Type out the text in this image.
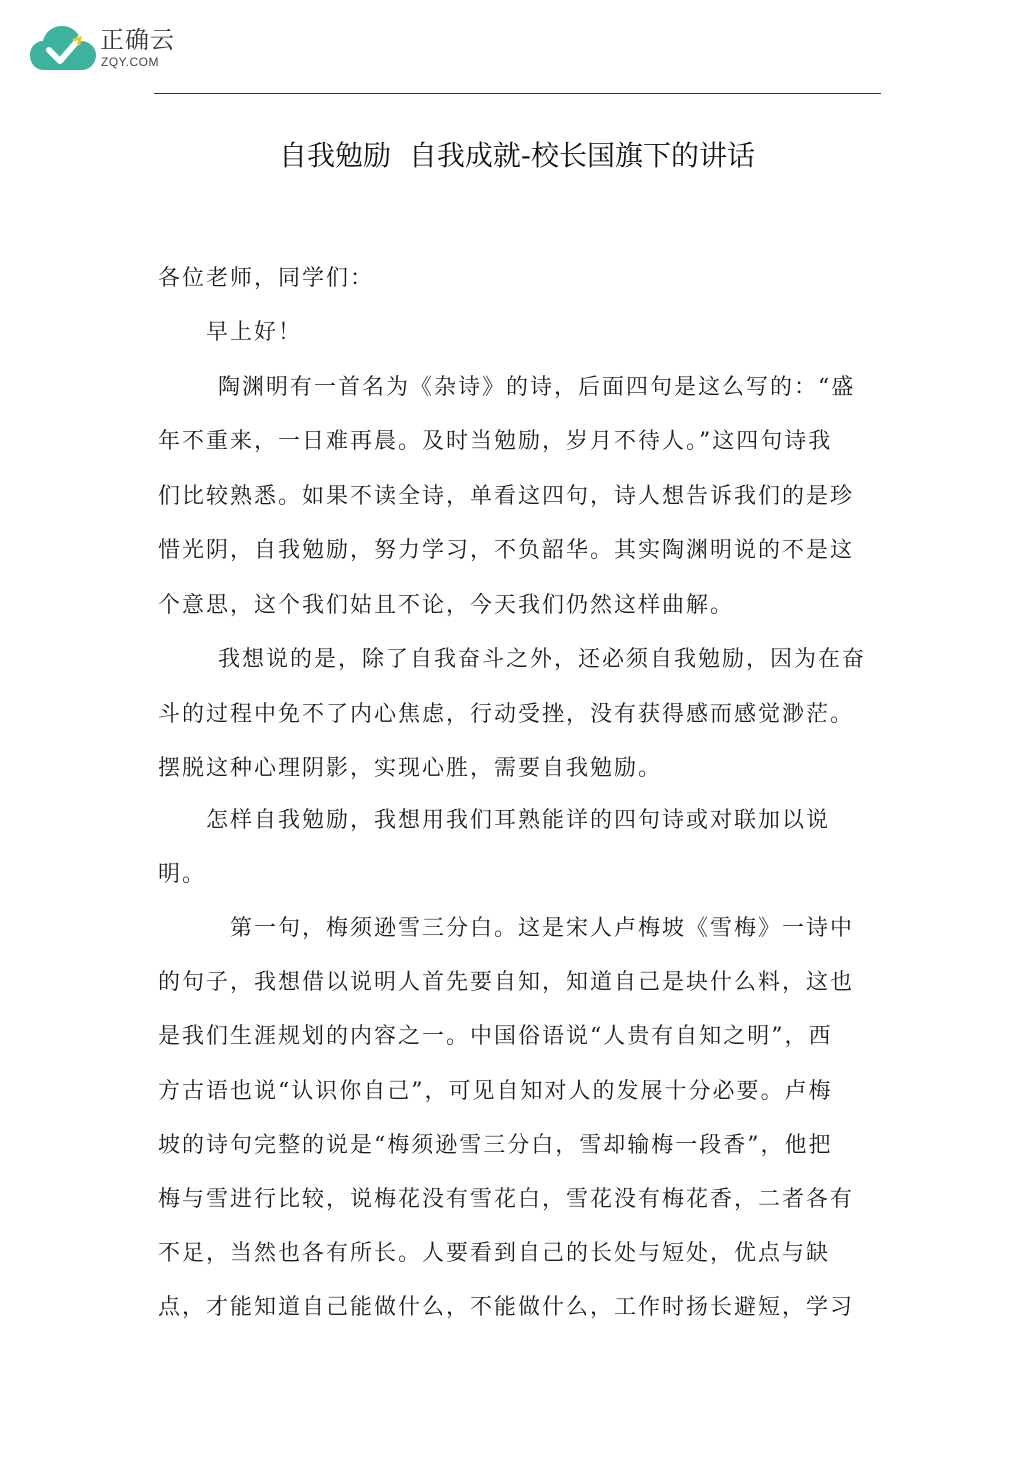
正确云
ZQY.COM
自我勉励  自我成就-校长国旗下的讲话
各位老师，同学们：
早上好！
陶渊明有一首名为《杂诗》的诗，后面四句是这么写的：“盛
年不重来，一日难再晨。及时当勉励，岁月不待人。”这四句诗我
们比较熟悉。如果不读全诗，单看这四句，诗人想告诉我们的是珍
惜光阴，自我勉励，努力学习，不负韶华。其实陶渊明说的不是这
个意思，这个我们姑且不论，今天我们仍然这样曲解。
我想说的是，除了自我奋斗之外，还必须自我勉励，因为在奋
斗的过程中免不了内心焦虑，行动受挫，没有获得感而感觉渺茫。
摆脱这种心理阴影，实现心胜，需要自我勉励。
怎样自我勉励，我想用我们耳熟能详的四句诗或对联加以说
明。
第一句，梅须逊雪三分白。这是宋人卢梅坡《雪梅》一诗中
的句子，我想借以说明人首先要自知，知道自己是块什么料，这也
是我们生涯规划的内容之一。中国俗语说“人贵有自知之明”，西
方古语也说“认识你自己”，可见自知对人的发展十分必要。卢梅
坡的诗句完整的说是“梅须逊雪三分白，雪却输梅一段香”，他把
梅与雪进行比较，说梅花没有雪花白，雪花没有梅花香，二者各有
不足，当然也各有所长。人要看到自己的长处与短处，优点与缺
点，才能知道自己能做什么，不能做什么，工作时扬长避短，学习
